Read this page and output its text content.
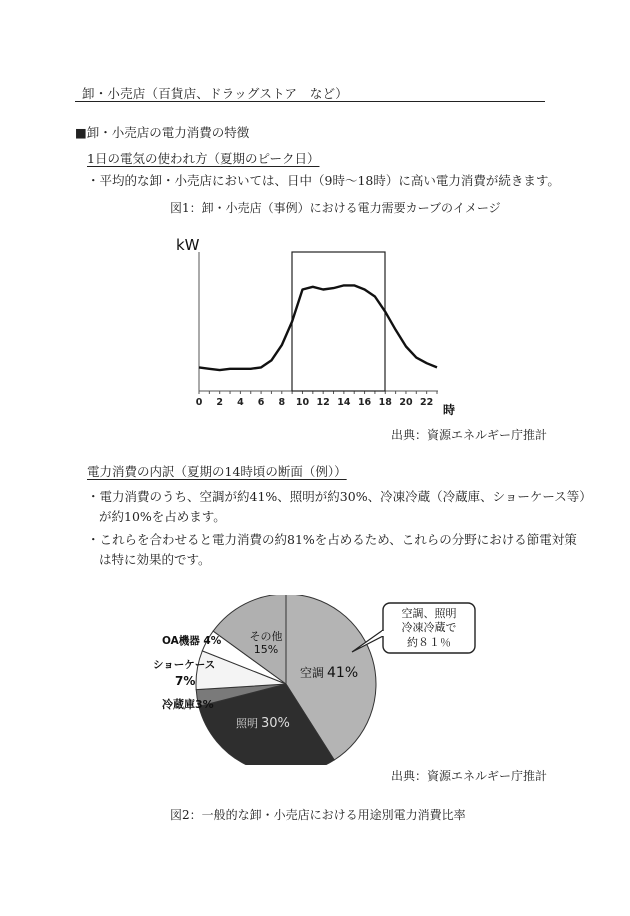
卸・小売店（百貨店、ドラッグストア　など）
■卸・小売店の電力消費の特徴
1日の電気の使われ方（夏期のピーク日）
・平均的な卸・小売店においては、日中（9時～18時）に高い電力消費が続きます。
図1：卸・小売店（事例）における電力需要カーブのイメージ
kW
0 2 4 6 8 10 12 14 16 18 20 22
時
出典：資源エネルギー庁推計
電力消費の内訳（夏期の14時頃の断面（例））
・電力消費のうち、空調が約41%、照明が約30%、冷凍冷蔵（冷蔵庫、ショーケース等）
が約10%を占めます。
・これらを合わせると電力消費の約81%を占めるため、これらの分野における節電対策
は特に効果的です。
空調、照明
冷凍冷蔵で
約８１％
空調 41%
照明 30%
冷蔵庫3%
ショーケース
7%
OA機器 4%	その他
15%
出典：資源エネルギー庁推計
図2：一般的な卸・小売店における用途別電力消費比率
